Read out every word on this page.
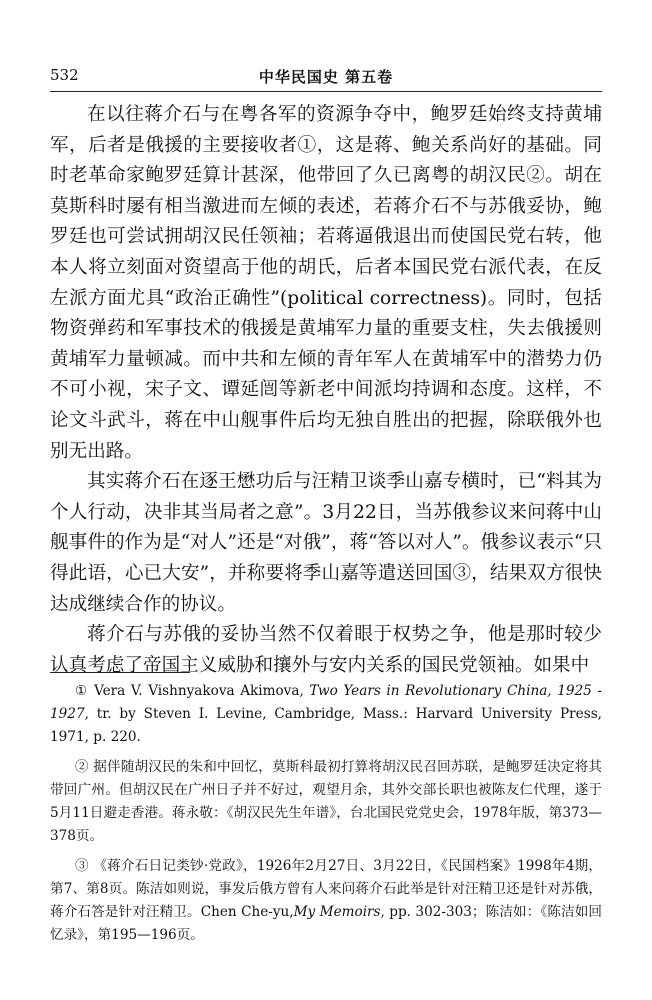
532	中华民国史 第五卷

在以往蒋介石与在粤各军的资源争夺中，鲍罗廷始终支持黄埔军，后者是俄援的主要接收者①，这是蒋、鲍关系尚好的基础。同时老革命家鲍罗廷算计甚深，他带回了久已离粤的胡汉民②。胡在莫斯科时屡有相当激进而左倾的表述，若蒋介石不与苏俄妥协，鲍罗廷也可尝试拥胡汉民任领袖；若蒋逼俄退出而使国民党右转，他本人将立刻面对资望高于他的胡氏，后者本国民党右派代表，在反左派方面尤具“政治正确性”(political correctness)。同时，包括物资弹药和军事技术的俄援是黄埔军力量的重要支柱，失去俄援则黄埔军力量顿减。而中共和左倾的青年军人在黄埔军中的潜势力仍不可小视，宋子文、谭延闿等新老中间派均持调和态度。这样，不论文斗武斗，蒋在中山舰事件后均无独自胜出的把握，除联俄外也别无出路。

其实蒋介石在逐王懋功后与汪精卫谈季山嘉专横时，已“料其为个人行动，决非其当局者之意”。3月22日，当苏俄参议来问蒋中山舰事件的作为是“对人”还是“对俄”，蒋“答以对人”。俄参议表示“只得此语，心已大安”，并称要将季山嘉等遣送回国③，结果双方很快达成继续合作的协议。

蒋介石与苏俄的妥协当然不仅着眼于权势之争，他是那时较少认真考虑了帝国主义威胁和攘外与安内关系的国民党领袖。如果中

① Vera V. Vishnyakova Akimova, Two Years in Revolutionary China, 1925 - 1927, tr. by Steven I. Levine, Cambridge, Mass.: Harvard University Press, 1971, p. 220.

② 据伴随胡汉民的朱和中回忆，莫斯科最初打算将胡汉民召回苏联，是鲍罗廷决定将其带回广州。但胡汉民在广州日子并不好过，观望月余，其外交部长职也被陈友仁代理，遂于5月11日避走香港。蒋永敬：《胡汉民先生年谱》，台北国民党党史会，1978年版，第373—378页。

③ 《蒋介石日记类钞·党政》，1926年2月27日、3月22日，《民国档案》1998年4期，第7、第8页。陈洁如则说，事发后俄方曾有人来问蒋介石此举是针对汪精卫还是针对苏俄，蒋介石答是针对汪精卫。Chen Che-yu,My Memoirs, pp. 302-303；陈洁如：《陈洁如回忆录》，第195—196页。
